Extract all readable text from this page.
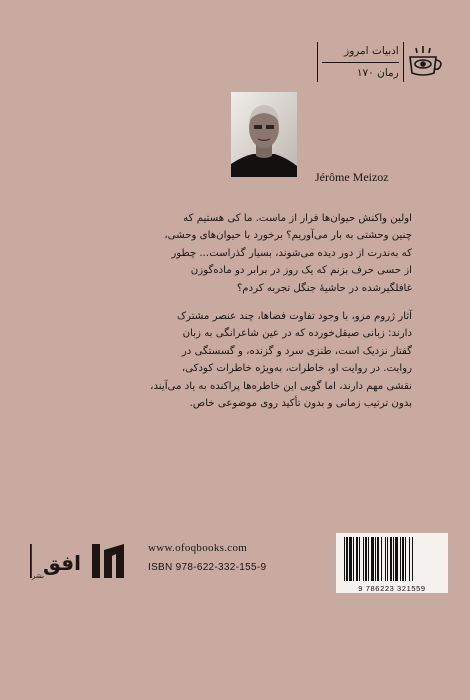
ادبیات امروز
رمان ۱۷۰
Jérôme Meizoz
اولین واکنش حیوان‌ها فرار از ماست. ما کی هستیم که
چنین وحشتی به بار می‌آوریم؟ برخورد با حیوان‌های وحشی،
که به‌ندرت از دور دیده می‌شوند، بسیار گذراست... چطور
از حسی حرف بزنم که یک روز در برابر دو ماده‌گوزن
غافلگیرشده در حاشیهٔ جنگل تجربه کردم؟
آثار ژروم مزو، با وجود تفاوت فضاها، چند عنصر مشترک
دارند: زبانی صیقل‌خورده که در عین شاعرانگی به زبان
گفتار نزدیک است، طنزی سرد و گزنده، و گسستگی در
روایت. در روایت او، خاطرات، به‌ویژه خاطرات کودکی،
نقشی مهم دارند، اما گویی این خاطره‌ها پراکنده به یاد می‌آیند،
بدون ترتیب زمانی و بدون تأکید روی موضوعی خاص.
افق
نشر
www.ofoqbooks.com
ISBN 978-622-332-155-9
9 786223 321559
